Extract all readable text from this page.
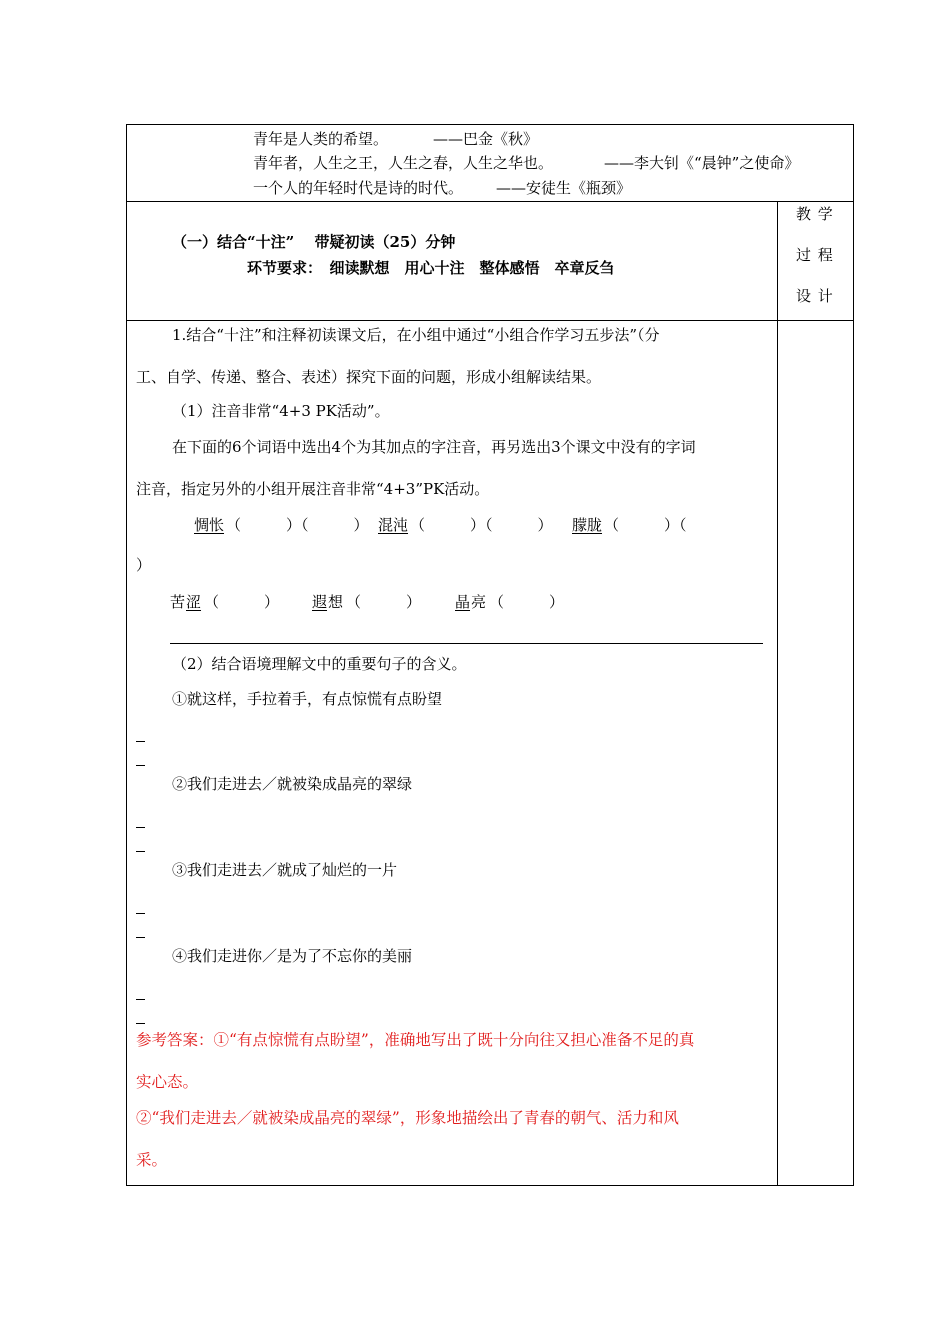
青年是人类的希望。	——巴金《秋》
青年者，人生之王，人生之春，人生之华也。	——李大钊《“晨钟”之使命》
一个人的年轻时代是诗的时代。 ——安徒生《瓶颈》
（一）结合“十注”　 带疑初读（25）分钟
环节要求：　细读默想　用心十注　整体感悟　卒章反刍
教 学
过 程
设 计
1.结合“十注”和注释初读课文后，在小组中通过“小组合作学习五步法”（分
工、自学、传递、整合、表述）探究下面的问题，形成小组解读结果。
（1）注音非常“4+3 PK活动”。
在下面的6个词语中选出4个为其加点的字注音，再另选出3个课文中没有的字词
注音，指定另外的小组开展注音非常“4+3”PK活动。
惆怅 （　　　）（　　　） 混沌 （　　　）（　　　） 朦胧 （　　　）（
）
苦 涩 （　　　） 遐 想 （　　　） 晶 亮 （　　　）
（2）结合语境理解文中的重要句子的含义。
①就这样，手拉着手，有点惊慌有点盼望
②我们走进去／就被染成晶亮的翠绿
③我们走进去／就成了灿烂的一片
④我们走进你／是为了不忘你的美丽
参考答案：①“有点惊慌有点盼望”，准确地写出了既十分向往又担心准备不足的真
实心态。
②“我们走进去／就被染成晶亮的翠绿”，形象地描绘出了青春的朝气、活力和风
采。
